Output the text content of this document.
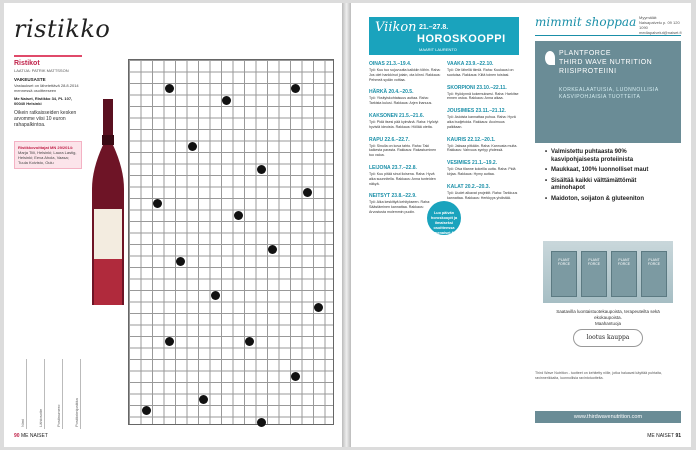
ristikko
Ristikot
LAATIJA: PATRIK MATTSSON
VAIKEUSASTE
Vastaukset on lähetettävä 28.8.2014 mennessä osoitteeseen
Me Naiset, Ristikko 34, PL 107, 00040 Helsinki
Oikein ratkaisseiden kesken arvomme viisi 10 euron rahapalkintoa.
Ristikkovoittajat MN 29/2014:
Marja Tiili, Helsinki; Laura Lastig, Helsinki; Eeva Ahola, Vaasa; Tuula Koivisto, Oulu
Nimi	Lähiosoite	Postinumero	Postitoimipaikka
90 ME NAISET
Viikon 21.–27.8.
HOROSKOOPPI
MAARIT LAURENTO
OINAS 21.3.–19.4.
Työ: Kuu tuo sujuvuutta kaikkiin töihin. Raha: Jos olet hankkinut jotain, ota kiinni. Rakkaus: Pehmeä sydän voittaa.
HÄRKÄ 20.4.–20.5.
Työ: Yksityiskohtaisuus auttaa. Raha: Tarkista kulusi. Rakkaus: Arjen ihanuus.
KAKSONEN 21.5.–21.6.
Työ: Pidä itsesi pää kylmänä. Raha: Hyödyt hyvistä ideoista. Rakkaus: Höllää otetta.
RAPU 22.6.–22.7.
Työ: Sinulla on kova tahto. Raha: Taki kaikesta parasta. Rakkaus: Rakastuminen tuo valoa.
LEIJONA 23.7.–22.8.
Työ: Kuu pitää sinut iloisena. Raha: Hyvä aika suunnitella. Rakkaus: Anna tunteiden näkyä.
NEITSYT 23.8.–22.9.
Työ: Aika keskittyä kehitykseen. Raha: Säästäminen kannattaa. Rakkaus: Arvostusta molemmin puolin.
VAAKA 23.9.–22.10.
Työ: Ole lähellä tiimiä. Raha: Kuukausi on suotuisa. Rakkaus: Kiitä toinen toistasi.
SKORPIONI 23.10.–22.11.
Työ: Hyödynnä kokemuksesi. Raha: Harkitse ennen ostoa. Rakkaus: Anna aikaa.
JOUSIMIES 23.11.–21.12.
Työ: Asioista kannattaa puhua. Raha: Hyvä aika budjetoida. Rakkaus: Avoimuus palkitaan.
KAURIS 22.12.–20.1.
Työ: Jaksaa pitkään. Raha: Kannusta muita. Rakkaus: Vahvuus syntyy yhdessä.
VESIMIES 21.1.–19.2.
Työ: Oiva tilanne kokeilla uutta. Raha: Pidä kirjaa. Rakkaus: Hymy auttaa.
KALAT 20.2.–20.3.
Työ: Uudet alkavat projektit. Raha: Tarkkuus kannattaa. Rakkaus: Herkkyys yhdistää.
Luo päivän horoskoopit ja ilmaiseksi osoitteessa menaiset.fi
mimmit shoppaa Myymälät: Naisapalvelu p. 09 120 1090 mediapalvelut@naiset.fi
PLANTFORCE
THIRD WAVE NUTRITION
RIISIPROTEIINI
KORKEALAATUISIA, LUONNOLLISIA KASVIPOHJAISIA TUOTTEITA
• Valmistettu puhtaasta 90% kasvipohjaisesta proteiinista
• Maukkaat, 100% luonnolliset maut
• Sisältää kaikki välttämättömät aminohapot
• Maidoton, soijaton & gluteeniton
PLANT FORCE
PLANT FORCE
PLANT FORCE
PLANT FORCE
Saatavilla luontaistuotekaupoista, terapeuteilta sekä ekokaupoista.
Maahantuoja
lootus kauppa
Third Wave Nutrition - tuotteet on kehitetty niille, jotka haluavat käyttää puhtaita, ravinnerikkaita, luonnollisia ravintotuotteita.
www.thirdwavenutrition.com
ME NAISET 91
